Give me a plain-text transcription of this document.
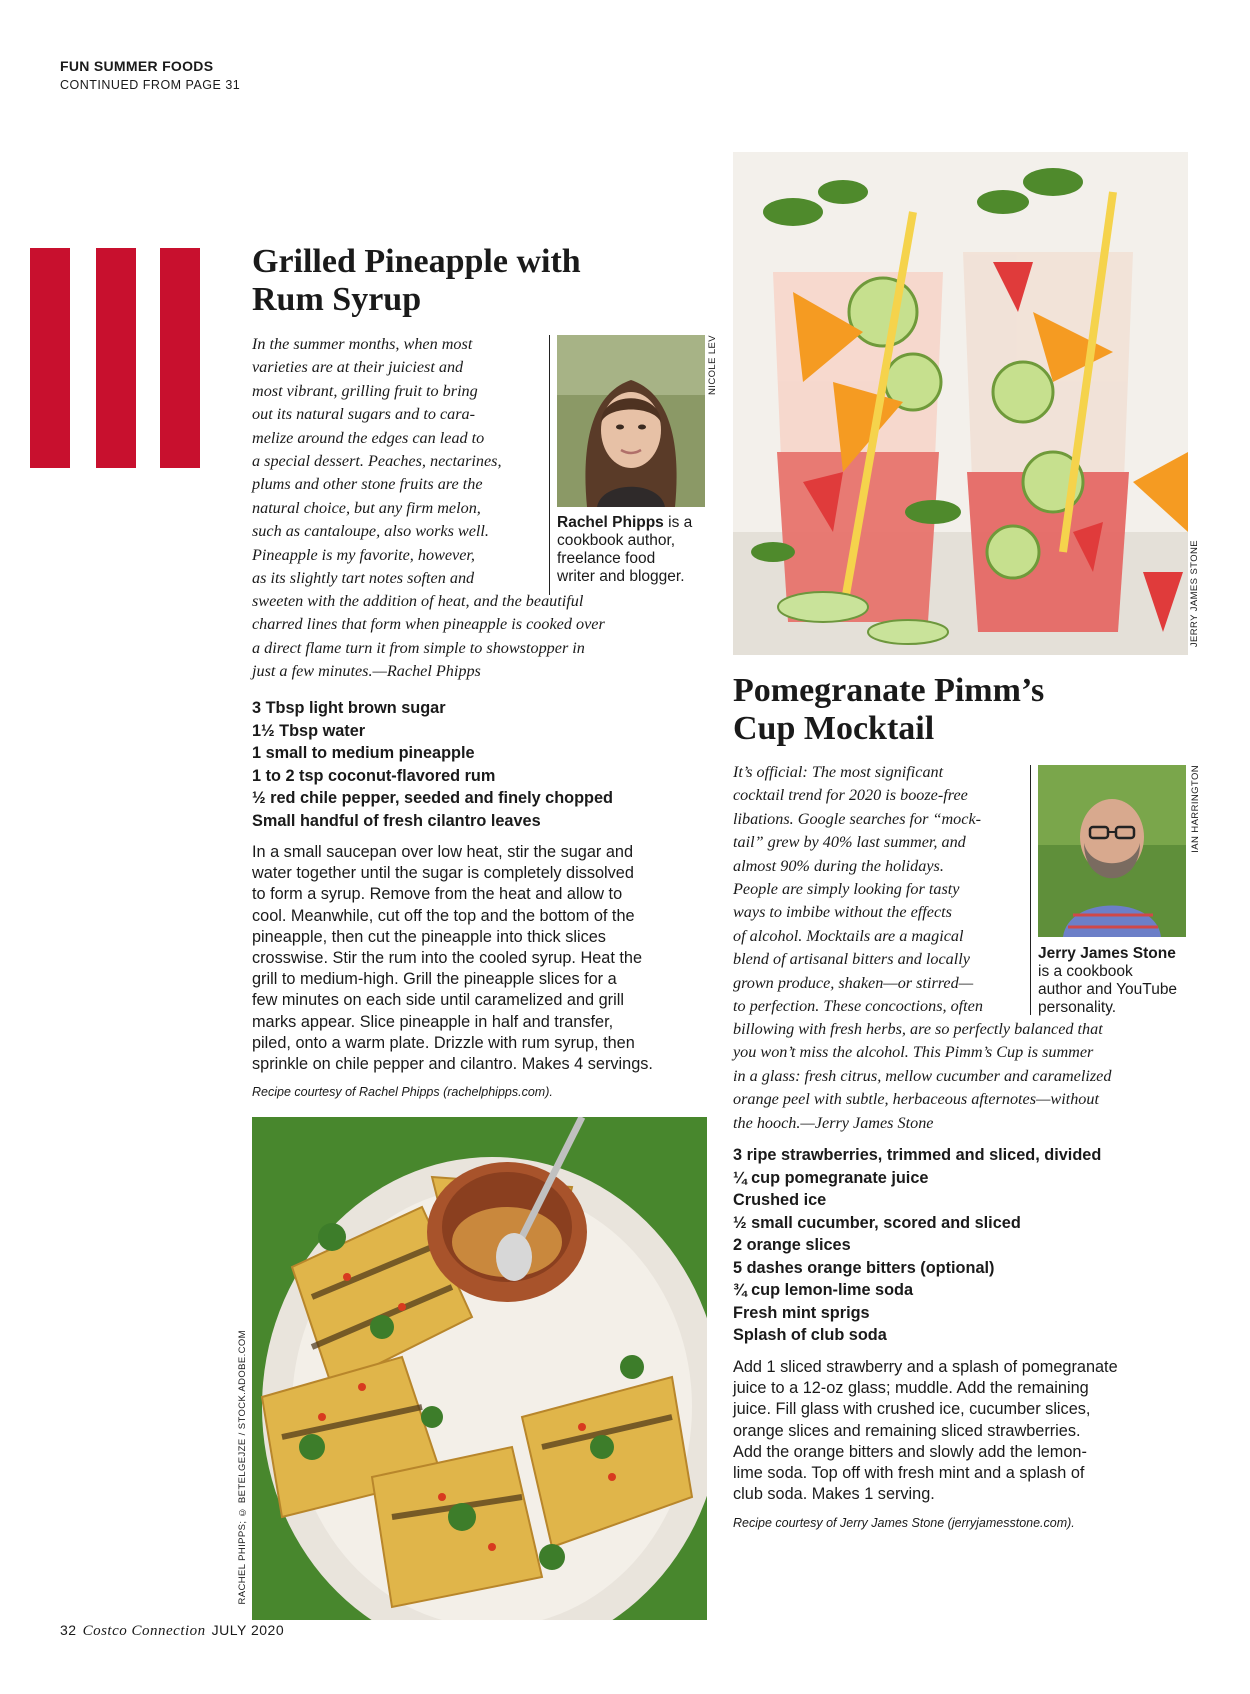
FUN SUMMER FOODS
CONTINUED FROM PAGE 31
Grilled Pineapple with
Rum Syrup
In the summer months, when most
varieties are at their juiciest and
most vibrant, grilling fruit to bring
out its natural sugars and to cara-
melize around the edges can lead to
a special dessert. Peaches, nectarines,
plums and other stone fruits are the
natural choice, but any firm melon,
such as cantaloupe, also works well.
Pineapple is my favorite, however,
as its slightly tart notes soften and
NICOLE LEV
Rachel Phipps is a
cookbook author,
freelance food
writer and blogger.
sweeten with the addition of heat, and the beautiful
charred lines that form when pineapple is cooked over
a direct flame turn it from simple to showstopper in
just a few minutes.—Rachel Phipps
3 Tbsp light brown sugar
1½ Tbsp water
1 small to medium pineapple
1 to 2 tsp coconut-flavored rum
½ red chile pepper, seeded and finely chopped
Small handful of fresh cilantro leaves
In a small saucepan over low heat, stir the sugar and
water together until the sugar is completely dissolved
to form a syrup. Remove from the heat and allow to
cool. Meanwhile, cut off the top and the bottom of the
pineapple, then cut the pineapple into thick slices
crosswise. Stir the rum into the cooled syrup. Heat the
grill to medium-high. Grill the pineapple slices for a
few minutes on each side until caramelized and grill
marks appear. Slice pineapple in half and transfer,
piled, onto a warm plate. Drizzle with rum syrup, then
sprinkle on chile pepper and cilantro. Makes 4 servings.
Recipe courtesy of Rachel Phipps (rachelphipps.com).
RACHEL PHIPPS; © BETELGEJZE / STOCK.ADOBE.COM
JERRY JAMES STONE
Pomegranate Pimm’s
Cup Mocktail
It’s official: The most significant
cocktail trend for 2020 is booze-free
libations. Google searches for “mock-
tail” grew by 40% last summer, and
almost 90% during the holidays.
People are simply looking for tasty
ways to imbibe without the effects
of alcohol. Mocktails are a magical
blend of artisanal bitters and locally
grown produce, shaken—or stirred—
to perfection. These concoctions, often
IAN HARRINGTON
Jerry James Stone
is a cookbook
author and YouTube
personality.
billowing with fresh herbs, are so perfectly balanced that
you won’t miss the alcohol. This Pimm’s Cup is summer
in a glass: fresh citrus, mellow cucumber and caramelized
orange peel with subtle, herbaceous afternotes—without
the hooch.—Jerry James Stone
3 ripe strawberries, trimmed and sliced, divided
¼ cup pomegranate juice
Crushed ice
½ small cucumber, scored and sliced
2 orange slices
5 dashes orange bitters (optional)
¾ cup lemon-lime soda
Fresh mint sprigs
Splash of club soda
Add 1 sliced strawberry and a splash of pomegranate
juice to a 12-oz glass; muddle. Add the remaining
juice. Fill glass with crushed ice, cucumber slices,
orange slices and remaining sliced strawberries.
Add the orange bitters and slowly add the lemon-
lime soda. Top off with fresh mint and a splash of
club soda. Makes 1 serving.
Recipe courtesy of Jerry James Stone (jerryjamesstone.com).
32 Costco Connection JULY 2020
